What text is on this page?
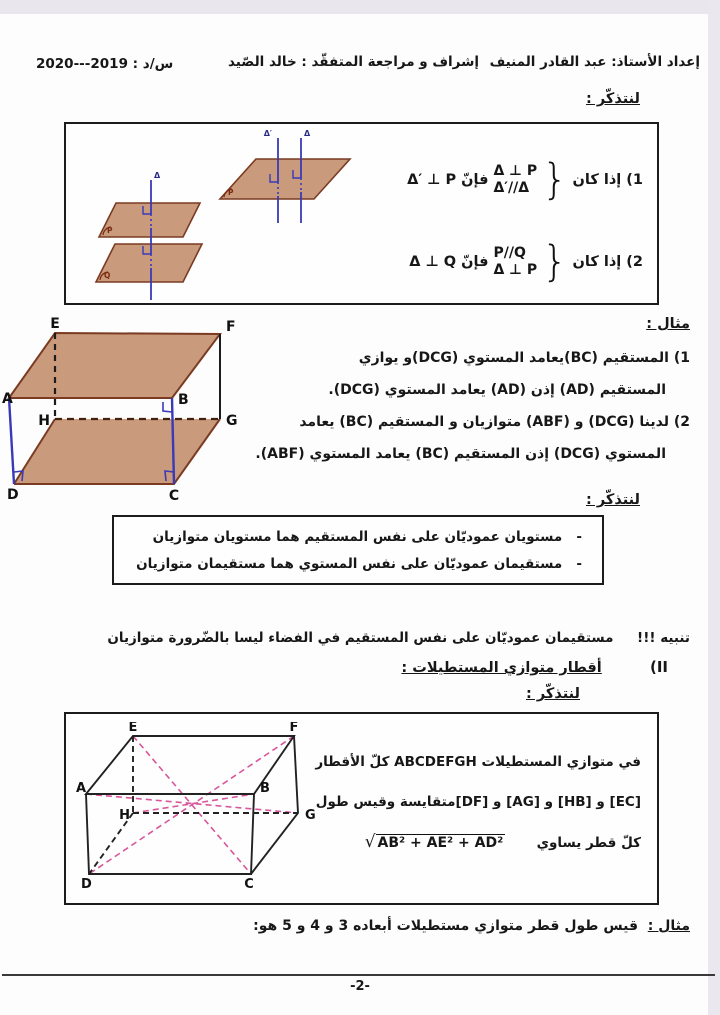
إعداد الأستاذ: عبد القادر المنيف
إشراف و مراجعة المتفقّد : خالد الصّيد
س/د : 2019---2020
لنتذكّر :
Δ′	Δ
P
Δ
P
Q
1) إذا كان
}
Δ ⊥ P
Δ′//Δ
فإنّ
Δ′ ⊥ P
2) إذا كان
}
P//Q
Δ ⊥ P
فإنّ
Δ ⊥ Q
مثال :
E	F
A	B
H	G
D	C
1) المستقيم (BC)يعامد المستوي (DCG)و يوازي
المستقيم (AD) إذن (AD) يعامد المستوي (DCG).
2) لدينا (DCG) و (ABF) متوازيان و المستقيم (BC) يعامد
المستوي (DCG) إذن المستقيم (BC) يعامد المستوي (ABF).
لنتذكّر :
-   مستويان عموديّان على نفس المستقيم هما مستويان متوازيان
-   مستقيمان عموديّان على نفس المستوي هما مستقيمان متوازيان
تنبيه !!!     مستقيمان عموديّان على نفس المستقيم في الفضاء ليسا بالضّرورة متوازيان
(II  أقطار متوازي المستطيلات :
لنتذكّر :
E	F
A	B
H	G
D	C
في متوازي المستطيلات ABCDEFGH كلّ الأقطار
[EC] و [HB] و [AG] و [DF]متقايسة وقيس طول
كلّ قطر يساوي  √ AB² + AE² + AD²
مثال :  قيس طول قطر متوازي مستطيلات أبعاده 3 و 4 و 5 هو:
-2-
